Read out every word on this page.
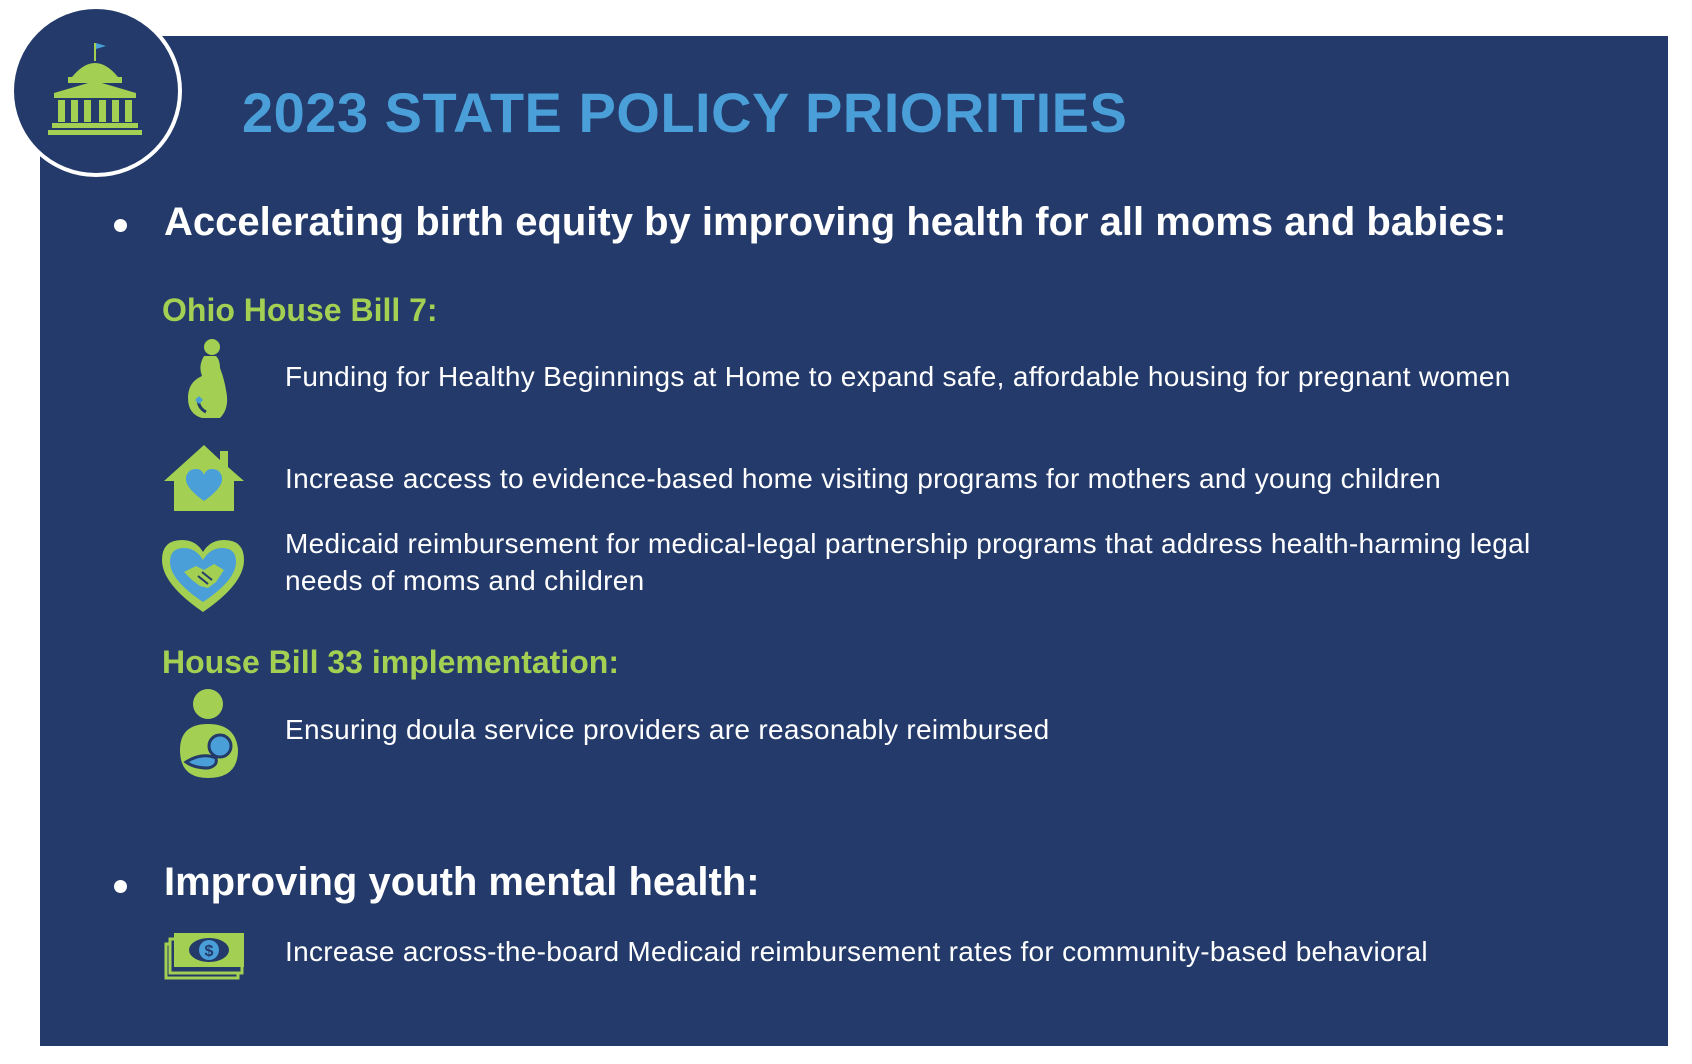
2023 STATE POLICY PRIORITIES
Accelerating birth equity by improving health for all moms and babies:
Ohio House Bill 7:
Funding for Healthy Beginnings at Home to expand safe, affordable housing for pregnant women
Increase access to evidence-based home visiting programs for mothers and young children
Medicaid reimbursement for medical-legal partnership programs that address health-harming legal needs of moms and children
House Bill 33 implementation:
Ensuring doula service providers are reasonably reimbursed
Improving youth mental health:
$	Increase across-the-board Medicaid reimbursement rates for community-based behavioral
